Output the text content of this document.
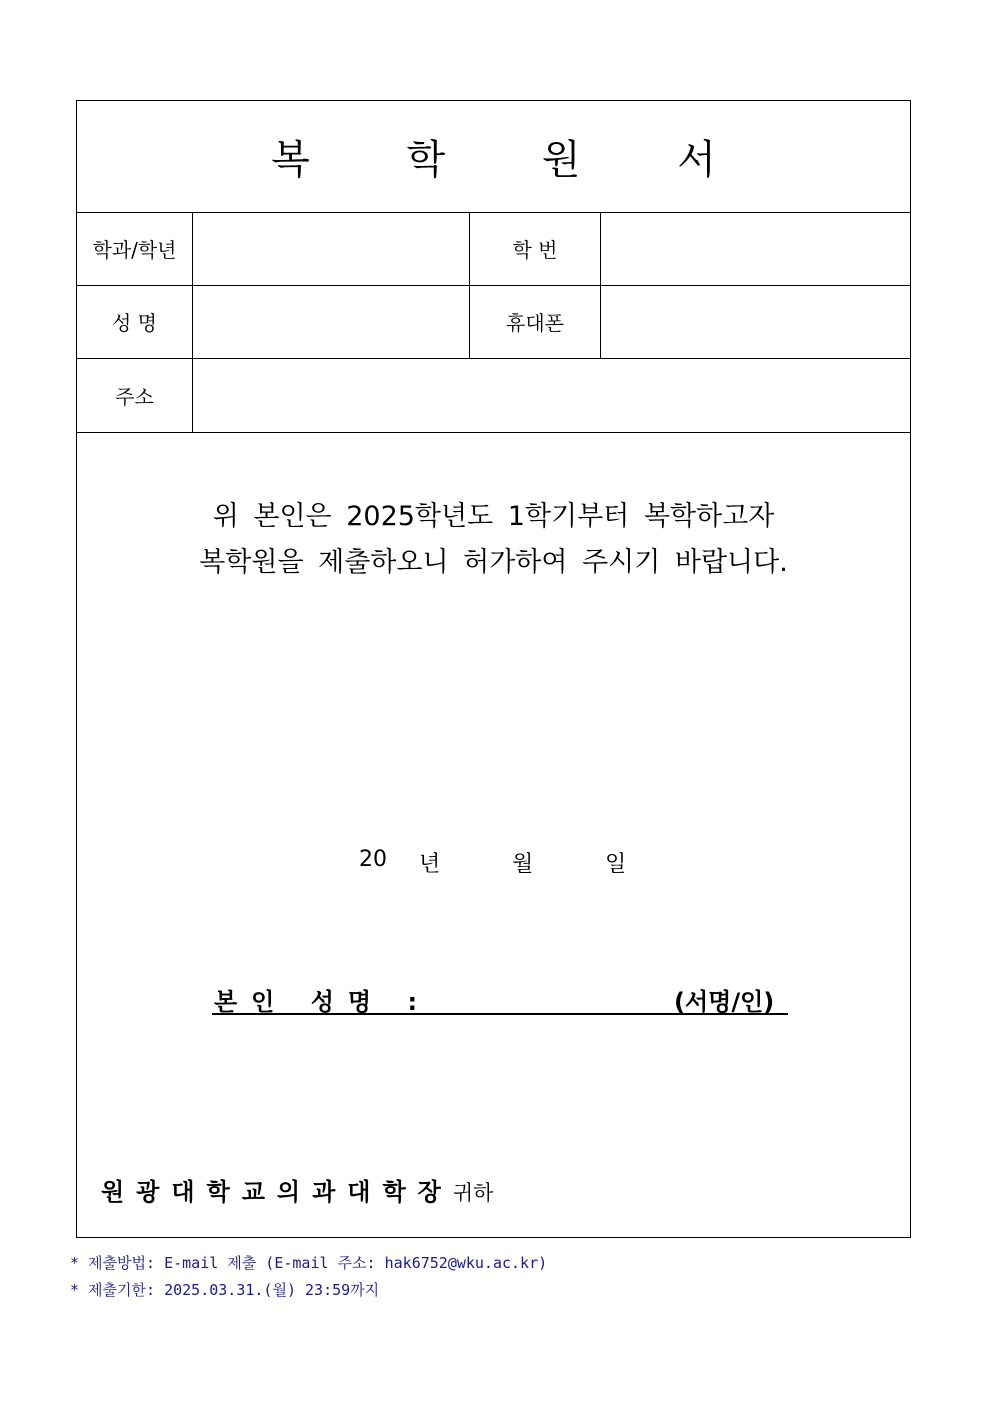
복 학 원 서
학과/학년	학 번
성 명	휴대폰
주소
위 본인은 2025학년도 1학기부터 복학하고자
복학원을 제출하오니 허가하여 주시기 바랍니다.
20 년	월	일
본인 성명 :	(서명/인)
원광대학교의과대학장귀하
* 제출방법: E-mail 제출 (E-mail 주소: hak6752@wku.ac.kr)
* 제출기한: 2025.03.31.(월) 23:59까지
